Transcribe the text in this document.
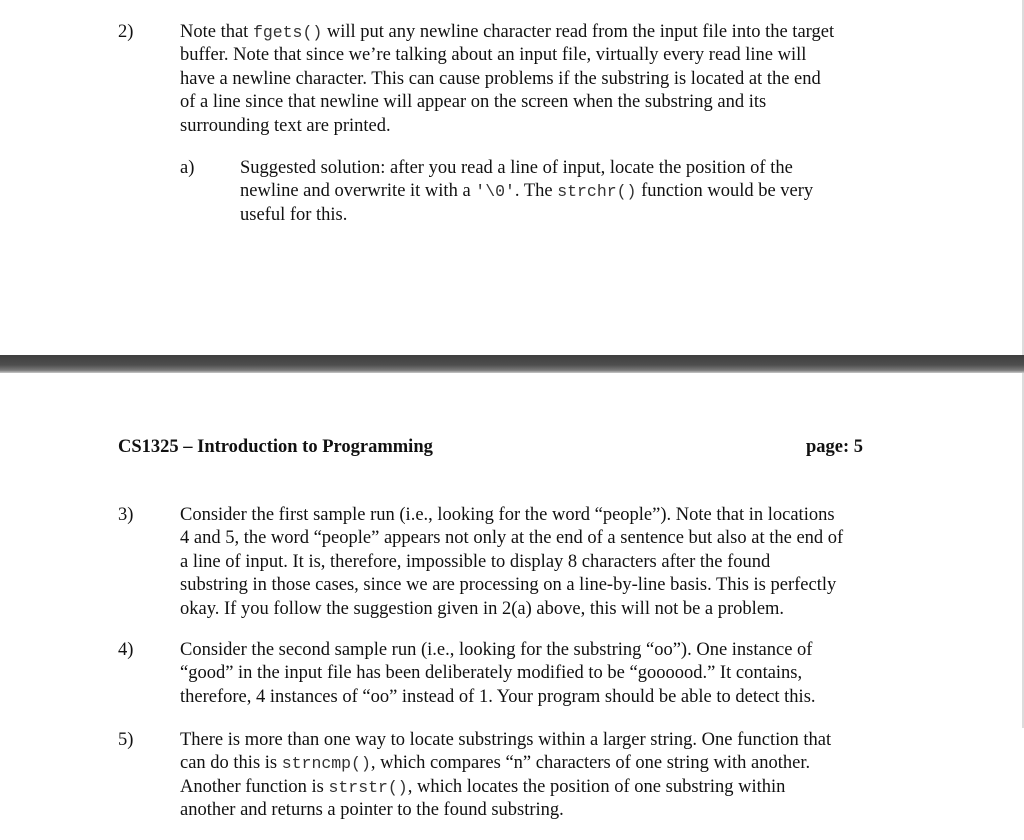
2)	Note that fgets() will put any newline character read from the input file into the target
buffer. Note that since we’re talking about an input file, virtually every read line will
have a newline character. This can cause problems if the substring is located at the end
of a line since that newline will appear on the screen when the substring and its
surrounding text are printed.
a)	Suggested solution: after you read a line of input, locate the position of the
newline and overwrite it with a '\0'. The strchr() function would be very
useful for this.
CS1325 – Introduction to Programming	page: 5
3)	Consider the first sample run (i.e., looking for the word “people”). Note that in locations
4 and 5, the word “people” appears not only at the end of a sentence but also at the end of
a line of input. It is, therefore, impossible to display 8 characters after the found
substring in those cases, since we are processing on a line-by-line basis. This is perfectly
okay. If you follow the suggestion given in 2(a) above, this will not be a problem.
4)	Consider the second sample run (i.e., looking for the substring “oo”). One instance of
“good” in the input file has been deliberately modified to be “goooood.” It contains,
therefore, 4 instances of “oo” instead of 1. Your program should be able to detect this.
5)	There is more than one way to locate substrings within a larger string. One function that
can do this is strncmp(), which compares “n” characters of one string with another.
Another function is strstr(), which locates the position of one substring within
another and returns a pointer to the found substring.
